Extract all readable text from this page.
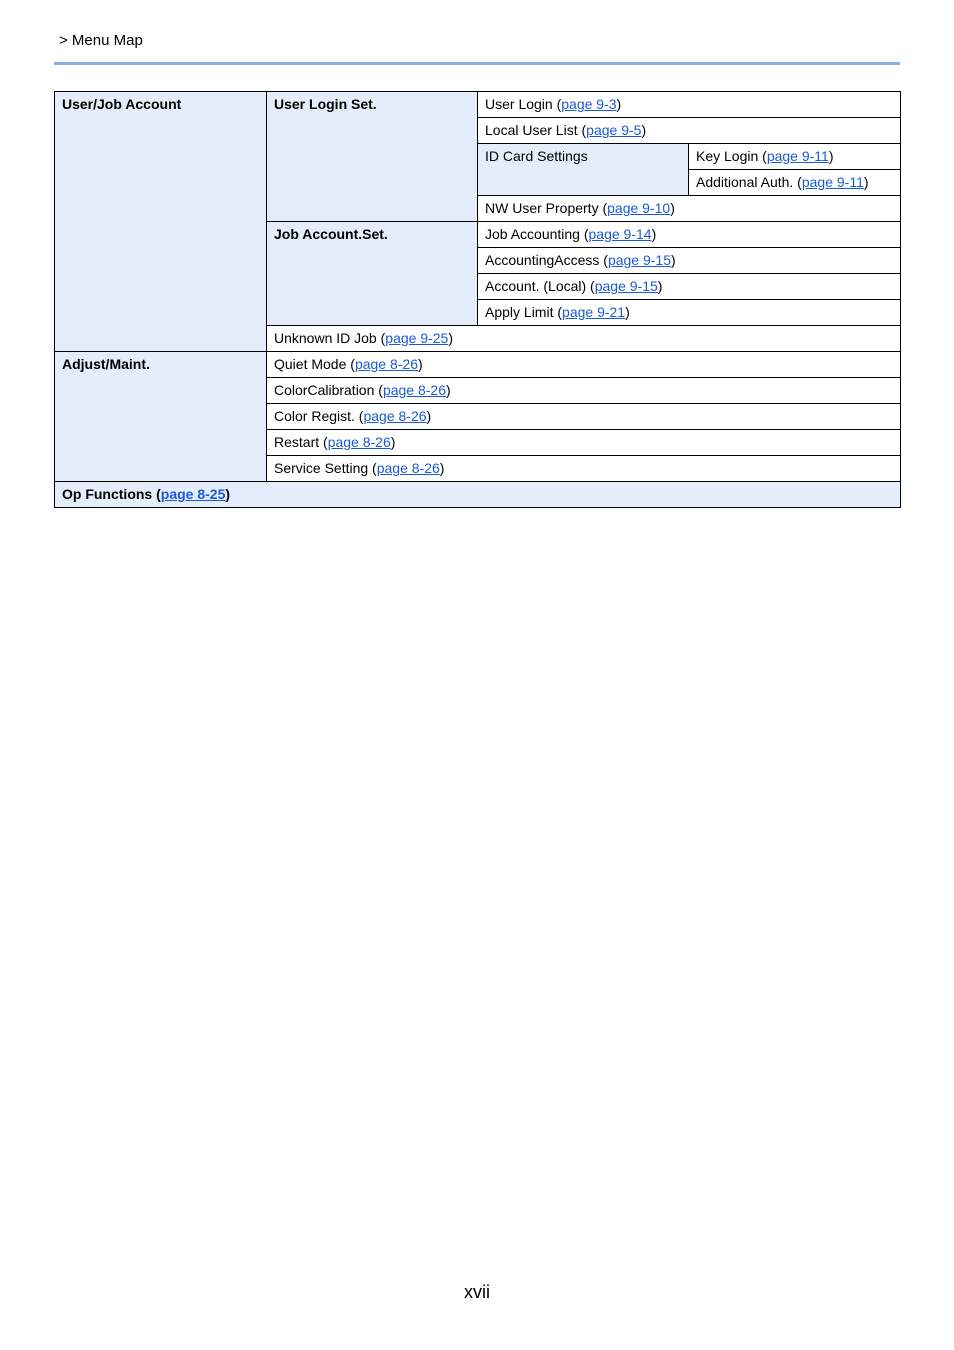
> Menu Map
User/Job Account	User Login Set.	User Login (page 9-3)	
		Local User List (page 9-5)	
		ID Card Settings	Key Login (page 9-11)
			Additional Auth. (page 9-11)
		NW User Property (page 9-10)	
	Job Account.Set.	Job Accounting (page 9-14)	
		AccountingAccess (page 9-15)	
		Account. (Local) (page 9-15)	
		Apply Limit (page 9-21)	
	Unknown ID Job (page 9-25)		
Adjust/Maint.	Quiet Mode (page 8-26)		
	ColorCalibration (page 8-26)		
	Color Regist. (page 8-26)		
	Restart (page 8-26)		
	Service Setting (page 8-26)		
Op Functions (page 8-25)			
xvii
